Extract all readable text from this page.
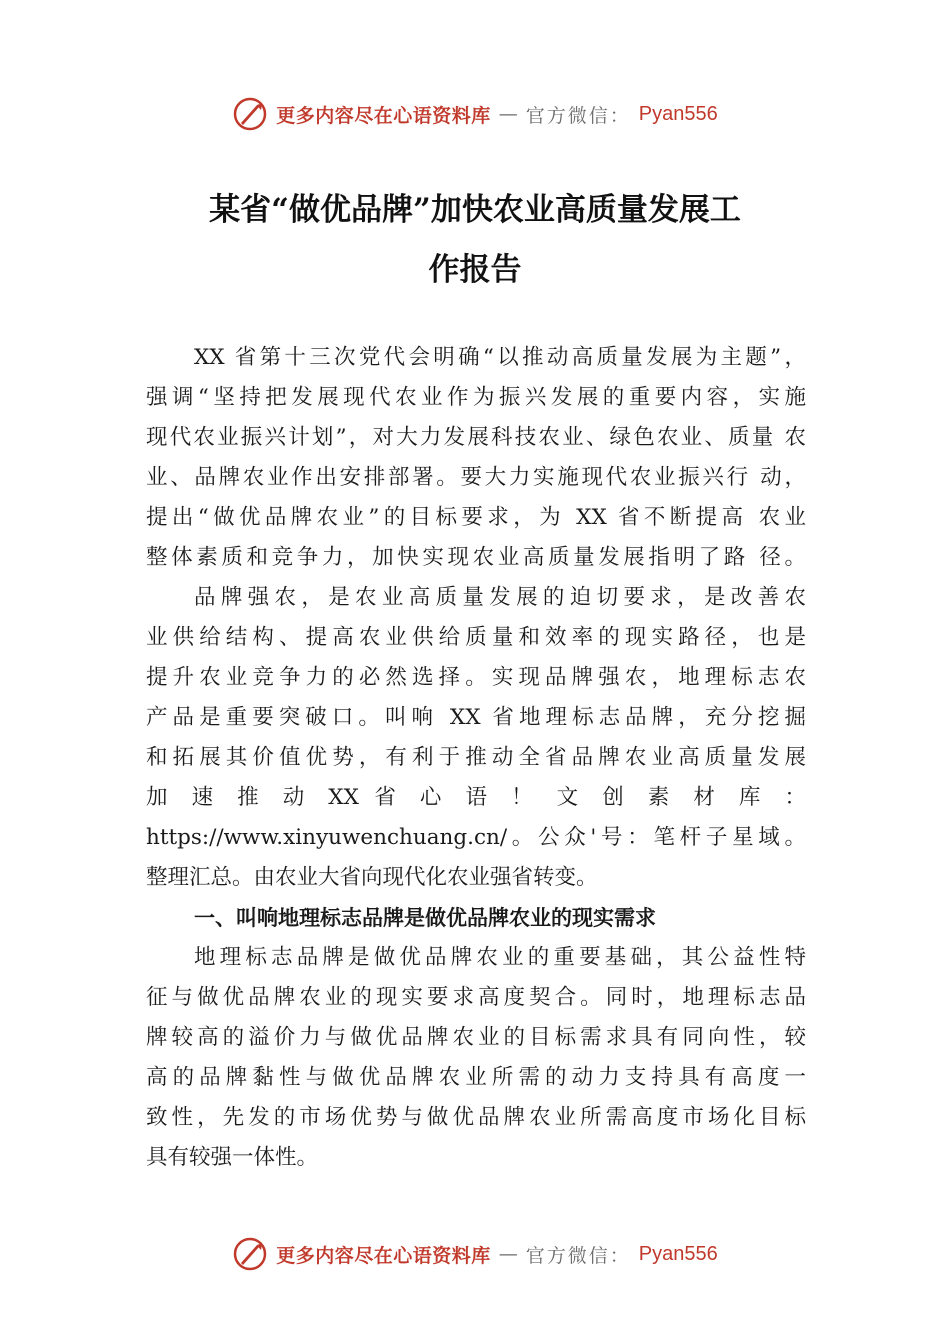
更多内容尽在心语资料库 — 官方微信： Pyan556
某省“做优品牌”加快农业高质量发展工
作报告
XX 省第十三次党代会明确“以推动高质量发展为主题”，
强调“坚持把发展现代农业作为振兴发展的重要内容，实施
现代农业振兴计划”，对大力发展科技农业、绿色农业、质量 农
业、品牌农业作出安排部署。要大力实施现代农业振兴行 动，
提出“做优品牌农业”的目标要求，为 XX 省不断提高 农业
整体素质和竞争力，加快实现农业高质量发展指明了路 径。
品牌强农，是农业高质量发展的迫切要求，是改善农
业供给结构、提高农业供给质量和效率的现实路径，也是
提升农业竞争力的必然选择。实现品牌强农，地理标志农
产品是重要突破口。叫响 XX 省地理标志品牌，充分挖掘
和拓展其价值优势，有利于推动全省品牌农业高质量发展
加 速 推 动 XX 省 心 语 ！ 文 创 素 材 库 ：
https://www.xinyuwenchuang.cn/。公众'号：笔杆子星域。
整理汇总。由农业大省向现代化农业强省转变。
一、叫响地理标志品牌是做优品牌农业的现实需求
地理标志品牌是做优品牌农业的重要基础，其公益性特
征与做优品牌农业的现实要求高度契合。同时，地理标志品
牌较高的溢价力与做优品牌农业的目标需求具有同向性，较
高的品牌黏性与做优品牌农业所需的动力支持具有高度一
致性，先发的市场优势与做优品牌农业所需高度市场化目标
具有较强一体性。
更多内容尽在心语资料库 — 官方微信： Pyan556
